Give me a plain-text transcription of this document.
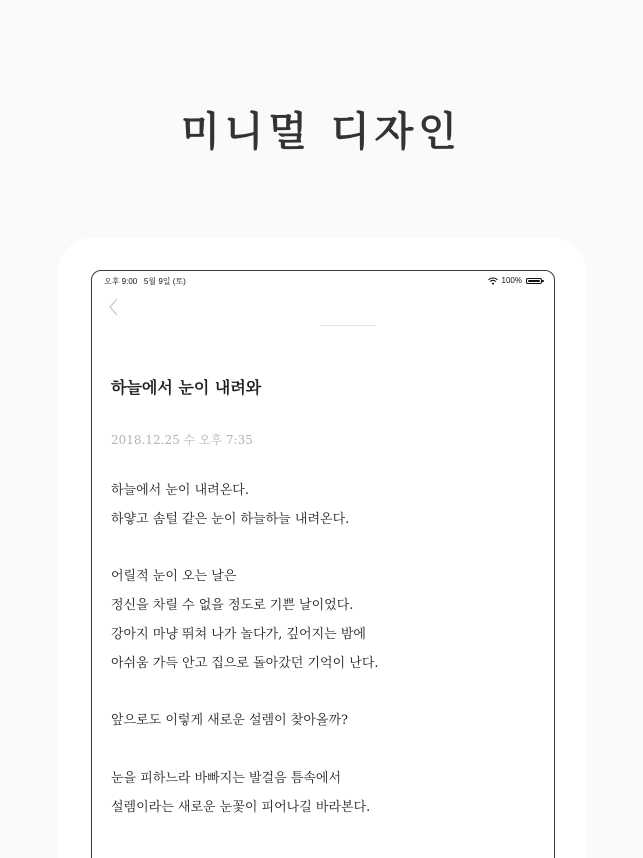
미니멀 디자인
오후 9:00 5월 9일 (토)	100%
하늘에서 눈이 내려와
2018.12.25 수 오후 7:35
하늘에서 눈이 내려온다.
하얗고 솜털 같은 눈이 하늘하늘 내려온다.
어릴적 눈이 오는 날은
정신을 차릴 수 없을 정도로 기쁜 날이었다.
강아지 마냥 뛰쳐 나가 놀다가, 깊어지는 밤에
아쉬움 가득 안고 집으로 돌아갔던 기억이 난다.
앞으로도 이렇게 새로운 설렘이 찾아올까?
눈을 피하느라 바빠지는 발걸음 틈속에서
설렘이라는 새로운 눈꽃이 피어나길 바라본다.
